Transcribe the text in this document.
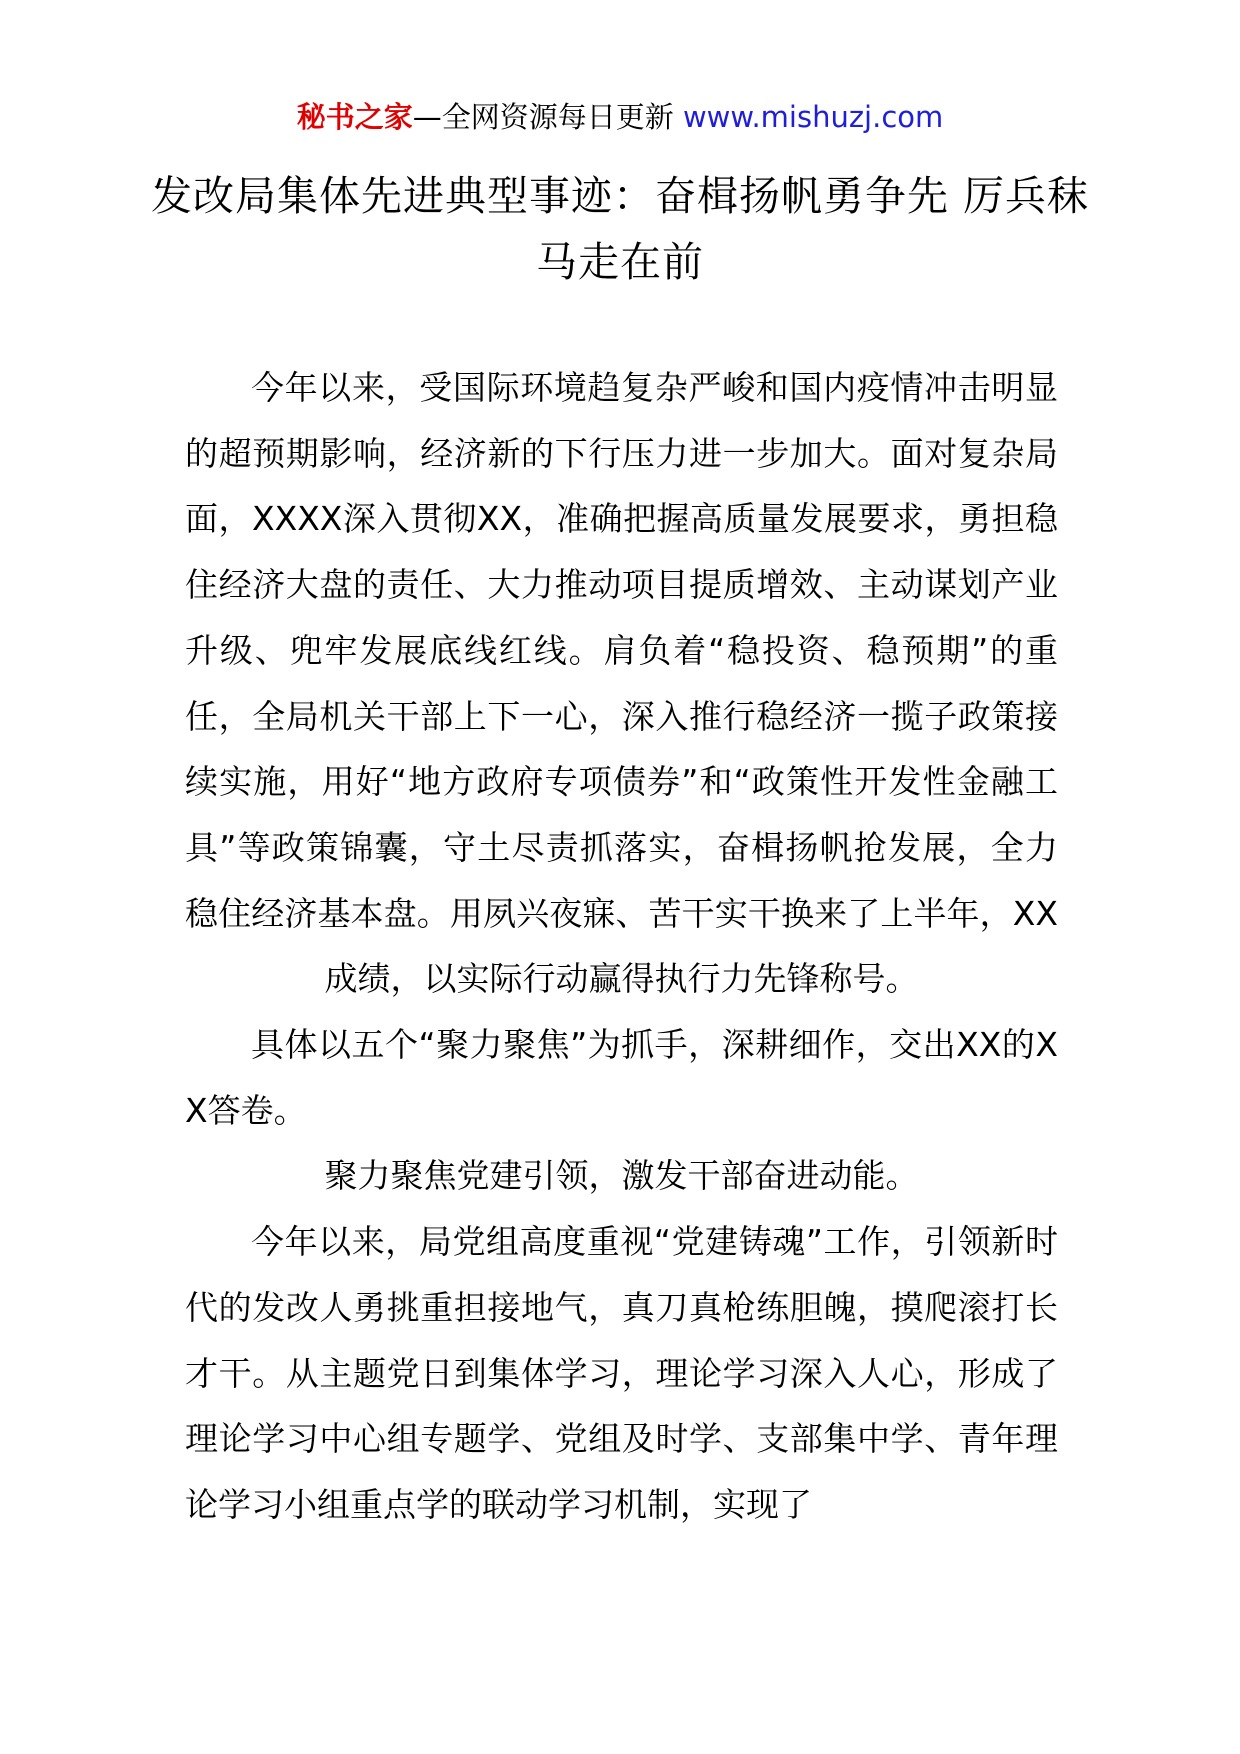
秘书之家—全网资源每日更新 www.mishuzj.com
发改局集体先进典型事迹：奋楫扬帆勇争先 厉兵秣马走在前

今年以来，受国际环境趋复杂严峻和国内疫情冲击明显的超预期影响，经济新的下行压力进一步加大。面对复杂局面，XXXX深入贯彻XX，准确把握高质量发展要求，勇担稳住经济大盘的责任、大力推动项目提质增效、主动谋划产业升级、兜牢发展底线红线。肩负着“稳投资、稳预期”的重任，全局机关干部上下一心，深入推行稳经济一揽子政策接续实施，用好“地方政府专项债券”和“政策性开发性金融工具”等政策锦囊，守土尽责抓落实，奋楫扬帆抢发展，全力稳住经济基本盘。用夙兴夜寐、苦干实干换来了上半年，XX成绩，以实际行动赢得执行力先锋称号。

具体以五个“聚力聚焦”为抓手，深耕细作，交出XX的XX答卷。

聚力聚焦党建引领，激发干部奋进动能。

今年以来，局党组高度重视“党建铸魂”工作，引领新时代的发改人勇挑重担接地气，真刀真枪练胆魄，摸爬滚打长才干。从主题党日到集体学习，理论学习深入人心，形成了理论学习中心组专题学、党组及时学、支部集中学、青年理论学习小组重点学的联动学习机制，实现了
